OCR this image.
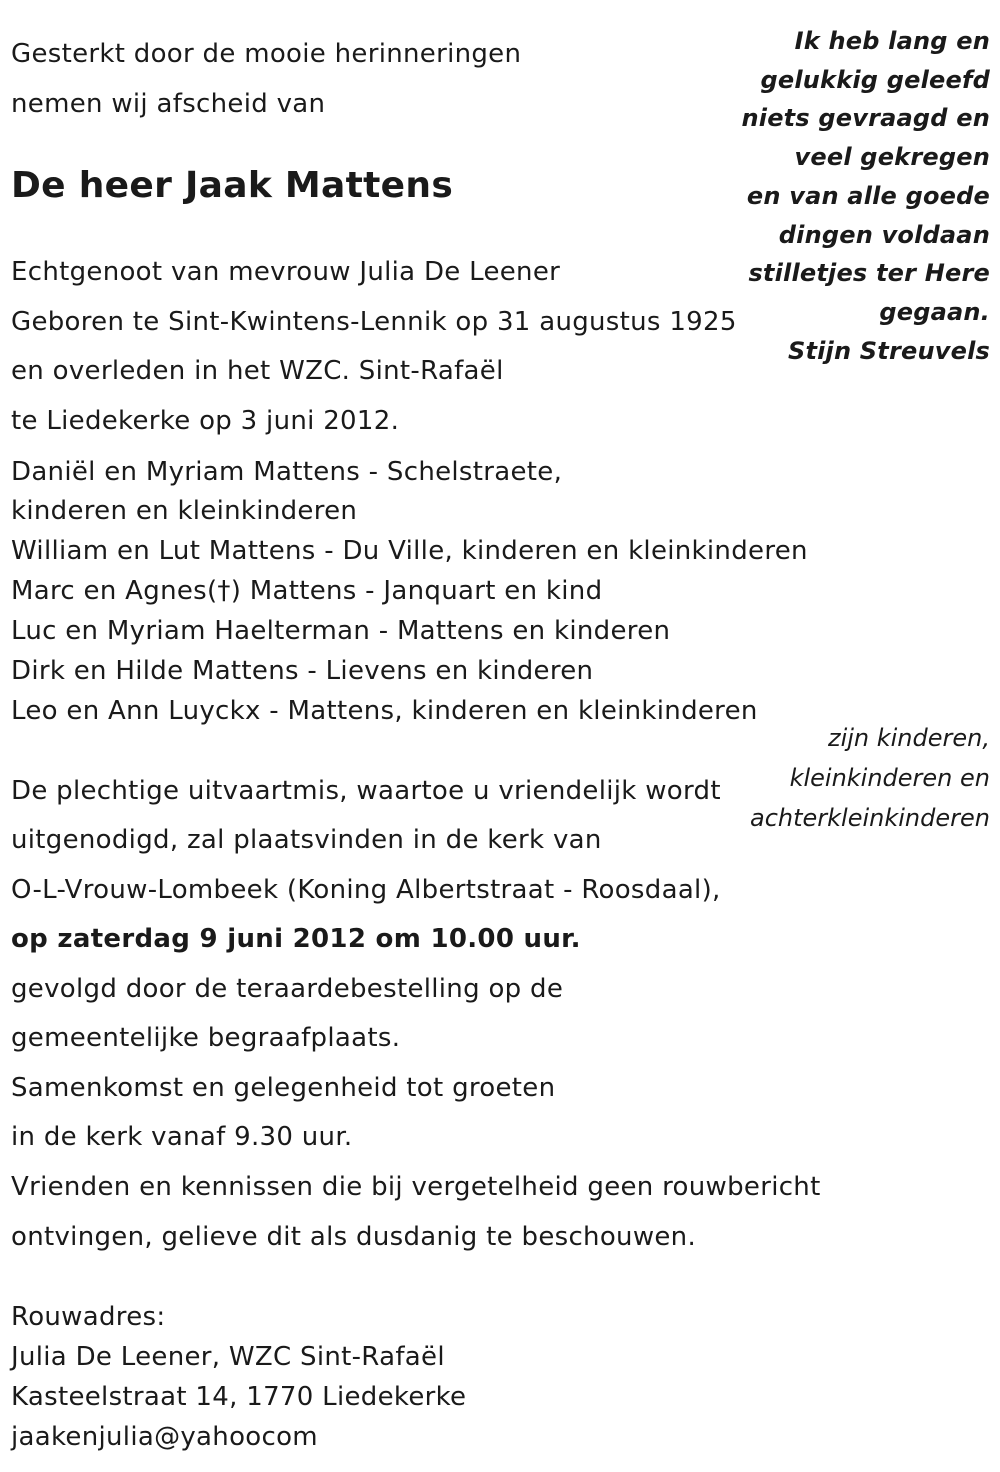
Gesterkt door de mooie herinneringen
nemen wij afscheid van
De heer Jaak Mattens
Echtgenoot van mevrouw Julia De Leener
Geboren te Sint-Kwintens-Lennik op 31 augustus 1925
en overleden in het WZC. Sint-Rafaël
te Liedekerke op 3 juni 2012.
Daniël en Myriam Mattens - Schelstraete,
kinderen en kleinkinderen
William en Lut Mattens - Du Ville, kinderen en kleinkinderen
Marc en Agnes(†) Mattens - Janquart en kind
Luc en Myriam Haelterman - Mattens en kinderen
Dirk en Hilde Mattens - Lievens en kinderen
Leo en Ann Luyckx - Mattens, kinderen en kleinkinderen
zijn kinderen,
kleinkinderen en
achterkleinkinderen
De plechtige uitvaartmis, waartoe u vriendelijk wordt
uitgenodigd, zal plaatsvinden in de kerk van
O-L-Vrouw-Lombeek (Koning Albertstraat - Roosdaal),
op zaterdag 9 juni 2012 om 10.00 uur.
gevolgd door de teraardebestelling op de
gemeentelijke begraafplaats.
Samenkomst en gelegenheid tot groeten
in de kerk vanaf 9.30 uur.
Vrienden en kennissen die bij vergetelheid geen rouwbericht
ontvingen, gelieve dit als dusdanig te beschouwen.
Rouwadres:
Julia De Leener, WZC Sint-Rafaël
Kasteelstraat 14, 1770 Liedekerke
jaakenjulia@yahoocom
Ik heb lang en
gelukkig geleefd
niets gevraagd en
veel gekregen
en van alle goede
dingen voldaan
stilletjes ter Here
gegaan.
Stijn Streuvels
